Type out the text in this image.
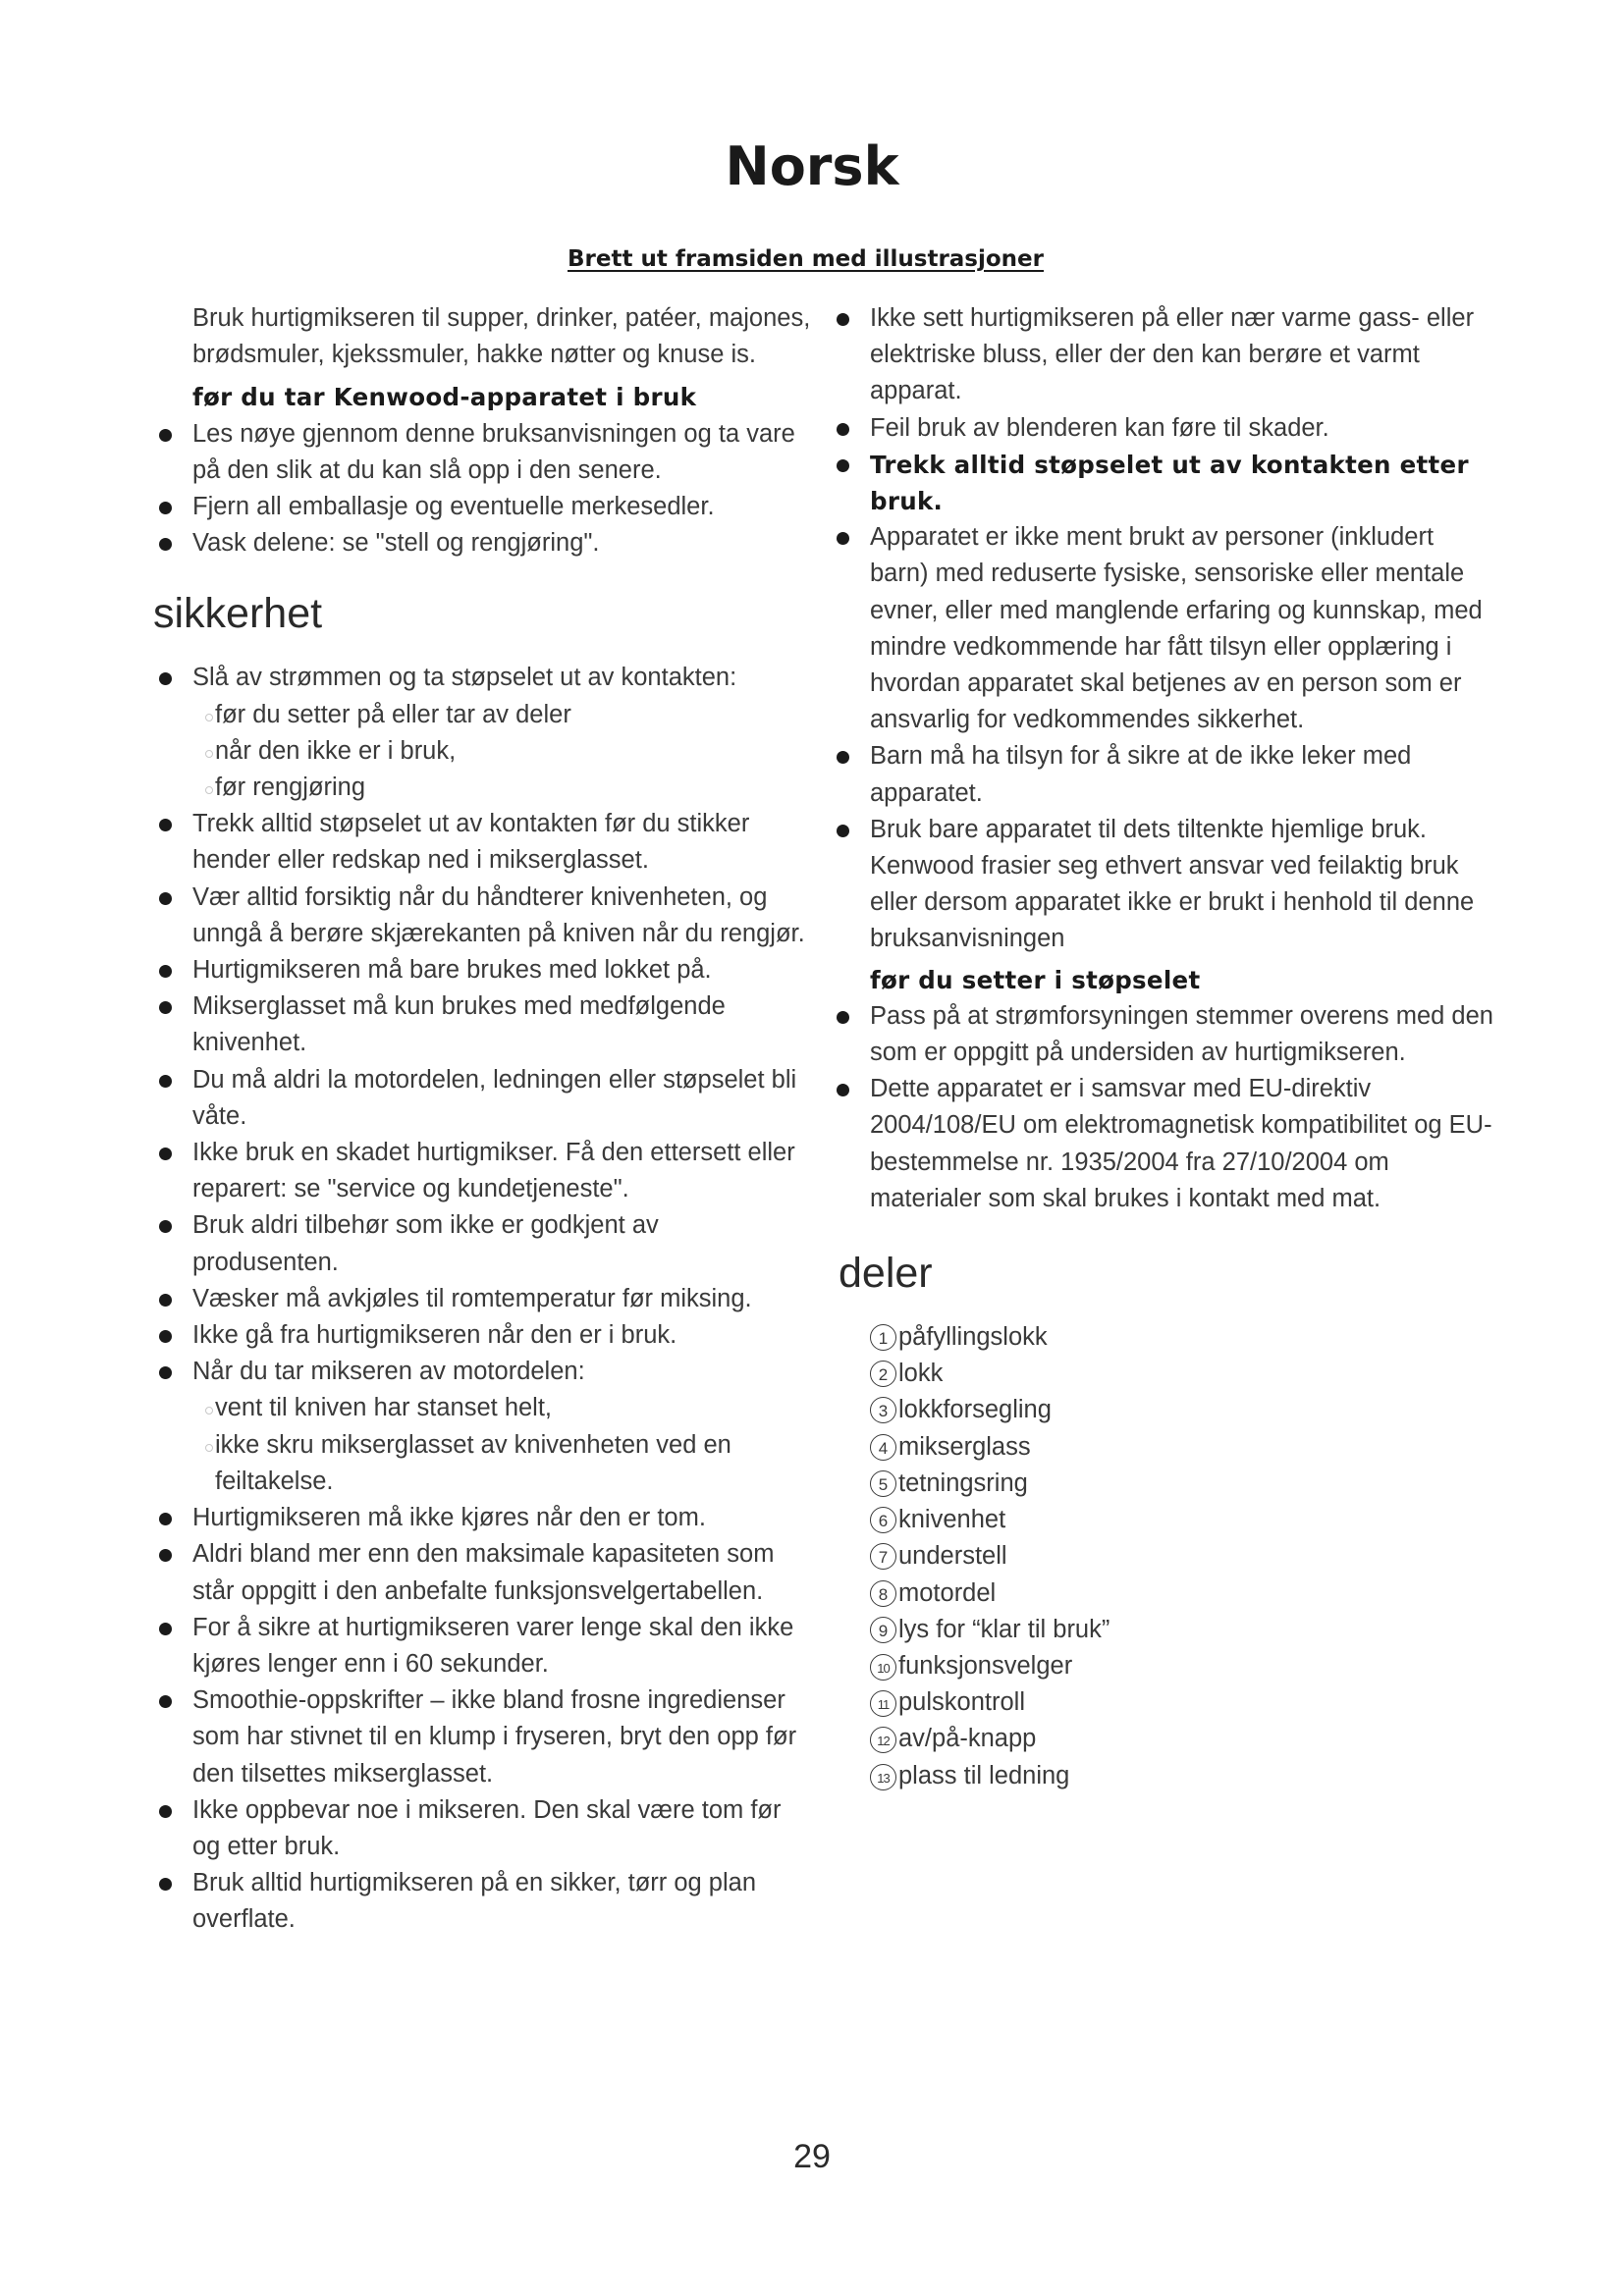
Norsk
Brett ut framsiden med illustrasjoner

Bruk hurtigmikseren til supper, drinker, patéer, majones, brødsmuler, kjekssmuler, hakke nøtter og knuse is.

før du tar Kenwood-apparatet i bruk

Les nøye gjennom denne bruksanvisningen og ta vare på den slik at du kan slå opp i den senere.
Fjern all emballasje og eventuelle merkesedler.
Vask delene: se "stell og rengjøring".
sikkerhet
Slå av strømmen og ta støpselet ut av kontakten:
før du setter på eller tar av deler
når den ikke er i bruk,
før rengjøring
Trekk alltid støpselet ut av kontakten før du stikker hender eller redskap ned i mikserglasset.
Vær alltid forsiktig når du håndterer knivenheten, og unngå å berøre skjærekanten på kniven når du rengjør.
Hurtigmikseren må bare brukes med lokket på.
Mikserglasset må kun brukes med medfølgende knivenhet.
Du må aldri la motordelen, ledningen eller støpselet bli våte.
Ikke bruk en skadet hurtigmikser. Få den ettersett eller reparert: se "service og kundetjeneste".
Bruk aldri tilbehør som ikke er godkjent av produsenten.
Væsker må avkjøles til romtemperatur før miksing.
Ikke gå fra hurtigmikseren når den er i bruk.
Når du tar mikseren av motordelen:
vent til kniven har stanset helt,
ikke skru mikserglasset av knivenheten ved en
feiltakelse.
Hurtigmikseren må ikke kjøres når den er tom.
Aldri bland mer enn den maksimale kapasiteten som står oppgitt i den anbefalte funksjonsvelgertabellen.
For å sikre at hurtigmikseren varer lenge skal den ikke kjøres lenger enn i 60 sekunder.
Smoothie-oppskrifter – ikke bland frosne ingredienser som har stivnet til en klump i fryseren, bryt den opp før den tilsettes mikserglasset.
Ikke oppbevar noe i mikseren. Den skal være tom før og etter bruk.
Bruk alltid hurtigmikseren på en sikker, tørr og plan overflate.
Ikke sett hurtigmikseren på eller nær varme gass- eller elektriske bluss, eller der den kan berøre et varmt apparat.
Feil bruk av blenderen kan føre til skader.
Trekk alltid støpselet ut av kontakten etter bruk.
Apparatet er ikke ment brukt av personer (inkludert barn) med reduserte fysiske, sensoriske eller mentale evner, eller med manglende erfaring og kunnskap, med mindre vedkommende har fått tilsyn eller opplæring i hvordan apparatet skal betjenes av en person som er ansvarlig for vedkommendes sikkerhet.
Barn må ha tilsyn for å sikre at de ikke leker med apparatet.
Bruk bare apparatet til dets tiltenkte hjemlige bruk. Kenwood frasier seg ethvert ansvar ved feilaktig bruk eller dersom apparatet ikke er brukt i henhold til denne bruksanvisningen

før du setter i støpselet

Pass på at strømforsyningen stemmer overens med den som er oppgitt på undersiden av hurtigmikseren.
Dette apparatet er i samsvar med EU-direktiv 2004/108/EU om elektromagnetisk kompatibilitet og EU-bestemmelse nr. 1935/2004 fra 27/10/2004 om materialer som skal brukes i kontakt med mat.
deler
1 påfyllingslokk
2 lokk
3 lokkforsegling
4 mikserglass
5 tetningsring
6 knivenhet
7 understell
8 motordel
9 lys for “klar til bruk”
10 funksjonsvelger
11 pulskontroll
12 av/på-knapp
13 plass til ledning
29
